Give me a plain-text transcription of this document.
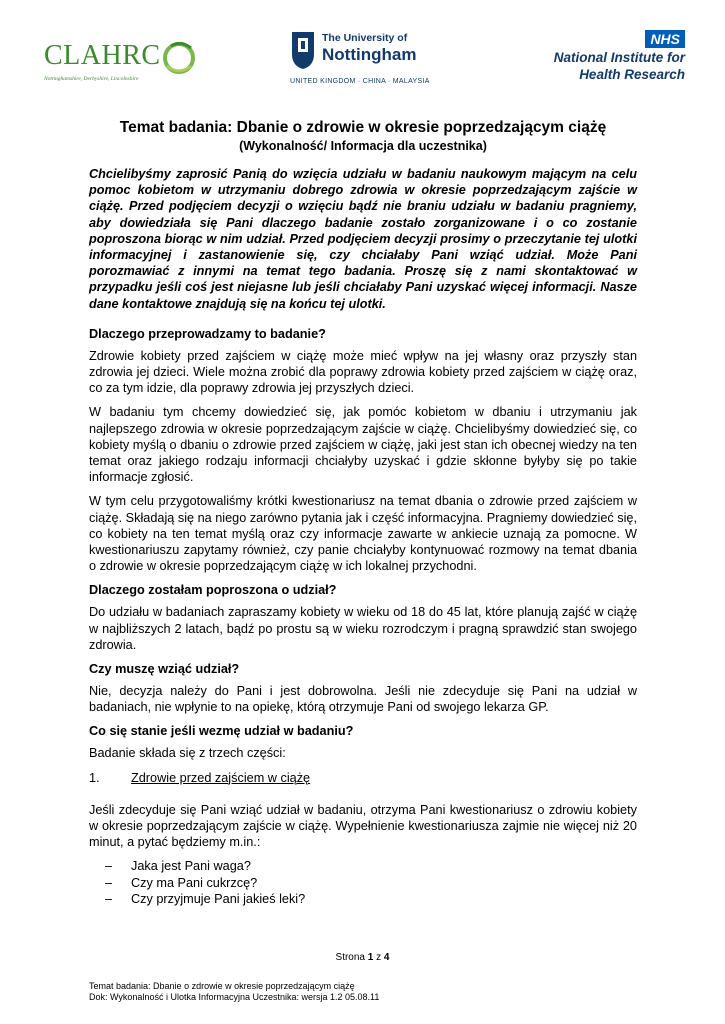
CLAHRC
Nottinghamshire, Derbyshire, Lincolnshire
The University of
Nottingham
UNITED KINGDOM · CHINA · MALAYSIA
NHS
National Institute for
Health Research
Temat badania: Dbanie o zdrowie w okresie poprzedzającym ciążę
(Wykonalność/ Informacja dla uczestnika)

Chcielibyśmy zaprosić Panią do wzięcia udziału w badaniu naukowym mającym na celu pomoc kobietom w utrzymaniu dobrego zdrowia w okresie poprzedzającym zajście w ciążę. Przed podjęciem decyzji o wzięciu bądź nie braniu udziału w badaniu pragniemy, aby dowiedziała się Pani dlaczego badanie zostało zorganizowane i o co zostanie poproszona biorąc w nim udział. Przed podjęciem decyzji prosimy o przeczytanie tej ulotki informacyjnej i zastanowienie się, czy chciałaby Pani wziąć udział. Może Pani porozmawiać z innymi na temat tego badania. Proszę się z nami skontaktować w przypadku jeśli coś jest niejasne lub jeśli chciałaby Pani uzyskać więcej informacji. Nasze dane kontaktowe znajdują się na końcu tej ulotki.

Dlaczego przeprowadzamy to badanie?

Zdrowie kobiety przed zajściem w ciążę może mieć wpływ na jej własny oraz przyszły stan zdrowia jej dzieci. Wiele można zrobić dla poprawy zdrowia kobiety przed zajściem w ciążę oraz, co za tym idzie, dla poprawy zdrowia jej przyszłych dzieci.

W badaniu tym chcemy dowiedzieć się, jak pomóc kobietom w dbaniu i utrzymaniu jak najlepszego zdrowia w okresie poprzedzającym zajście w ciążę. Chcielibyśmy dowiedzieć się, co kobiety myślą o dbaniu o zdrowie przed zajściem w ciążę, jaki jest stan ich obecnej wiedzy na ten temat oraz jakiego rodzaju informacji chciałyby uzyskać i gdzie skłonne byłyby się po takie informacje zgłosić.

W tym celu przygotowaliśmy krótki kwestionariusz na temat dbania o zdrowie przed zajściem w ciążę. Składają się na niego zarówno pytania jak i część informacyjna. Pragniemy dowiedzieć się, co kobiety na ten temat myślą oraz czy informacje zawarte w ankiecie uznają za pomocne. W kwestionariuszu zapytamy również, czy panie chciałyby kontynuować rozmowy na temat dbania o zdrowie w okresie poprzedzającym ciążę w ich lokalnej przychodni.

Dlaczego zostałam poproszona o udział?

Do udziału w badaniach zapraszamy kobiety w wieku od 18 do 45 lat, które planują zajść w ciążę w najbliższych 2 latach, bądź po prostu są w wieku rozrodczym i pragną sprawdzić stan swojego zdrowia.

Czy muszę wziąć udział?

Nie, decyzja należy do Pani i jest dobrowolna. Jeśli nie zdecyduje się Pani na udział w badaniach, nie wpłynie to na opiekę, którą otrzymuje Pani od swojego lekarza GP.

Co się stanie jeśli wezmę udział w badaniu?

Badanie składa się z trzech części:

1. Zdrowie przed zajściem w ciążę

Jeśli zdecyduje się Pani wziąć udział w badaniu, otrzyma Pani kwestionariusz o zdrowiu kobiety w okresie poprzedzającym zajście w ciążę. Wypełnienie kwestionariusza zajmie nie więcej niż 20 minut, a pytać będziemy m.in.:

– Jaka jest Pani waga?
– Czy ma Pani cukrzcę?
– Czy przyjmuje Pani jakieś leki?
Strona 1 z 4
Temat badania: Dbanie o zdrowie w okresie poprzedzającym ciążę
Dok: Wykonalność i Ulotka Informacyjna Uczestnika: wersja 1.2 05.08.11
